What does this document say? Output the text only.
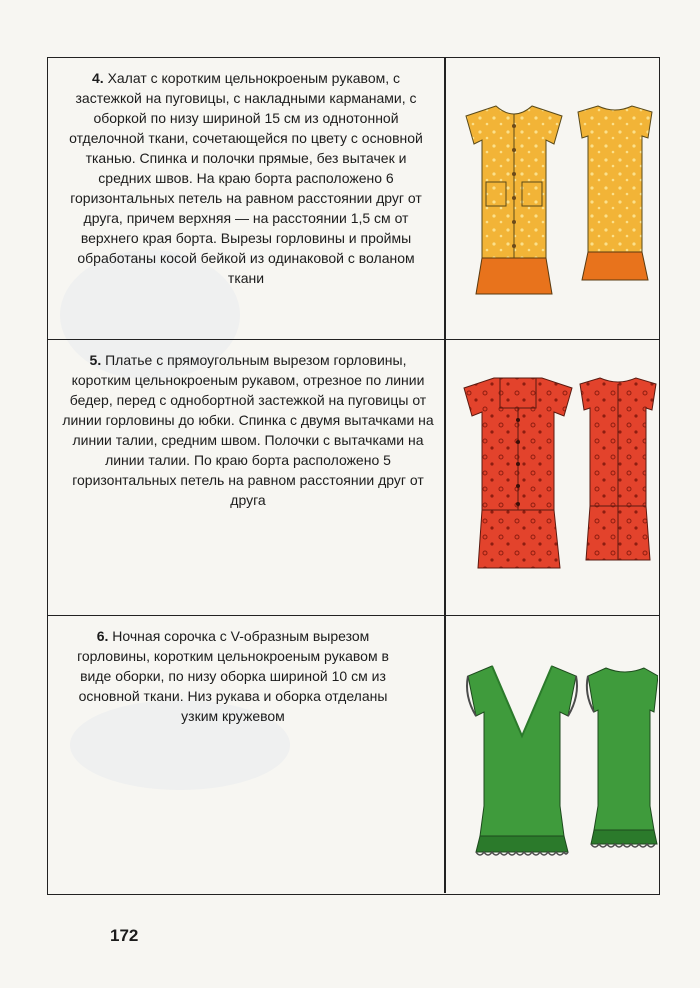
4. Халат с коротким цельнокроеным рукавом, с застежкой на пуговицы, с накладными карманами, с оборкой по низу шириной 15 см из однотонной отделочной ткани, сочетающейся по цвету с основной тканью. Спинка и полочки прямые, без вытачек и средних швов. На краю борта расположено 6 горизонтальных петель на равном расстоянии друг от друга, причем верхняя — на расстоянии 1,5 см от верхнего края борта. Вырезы горловины и проймы обработаны косой бейкой из одинаковой с воланом ткани
5. Платье с прямоугольным вырезом горловины, коротким цельнокроеным рукавом, отрезное по линии бедер, перед с однобортной застежкой на пуговицы от линии горловины до юбки. Спинка с двумя вытачками на линии талии, средним швом. Полочки с вытачками на линии талии. По краю борта расположено 5 горизонтальных петель на равном расстоянии друг от друга
6. Ночная сорочка с V-образным вырезом горловины, коротким цельнокроеным рукавом в виде оборки, по низу оборка шириной 10 см из основной ткани. Низ рукава и оборка отделаны узким кружевом
172
